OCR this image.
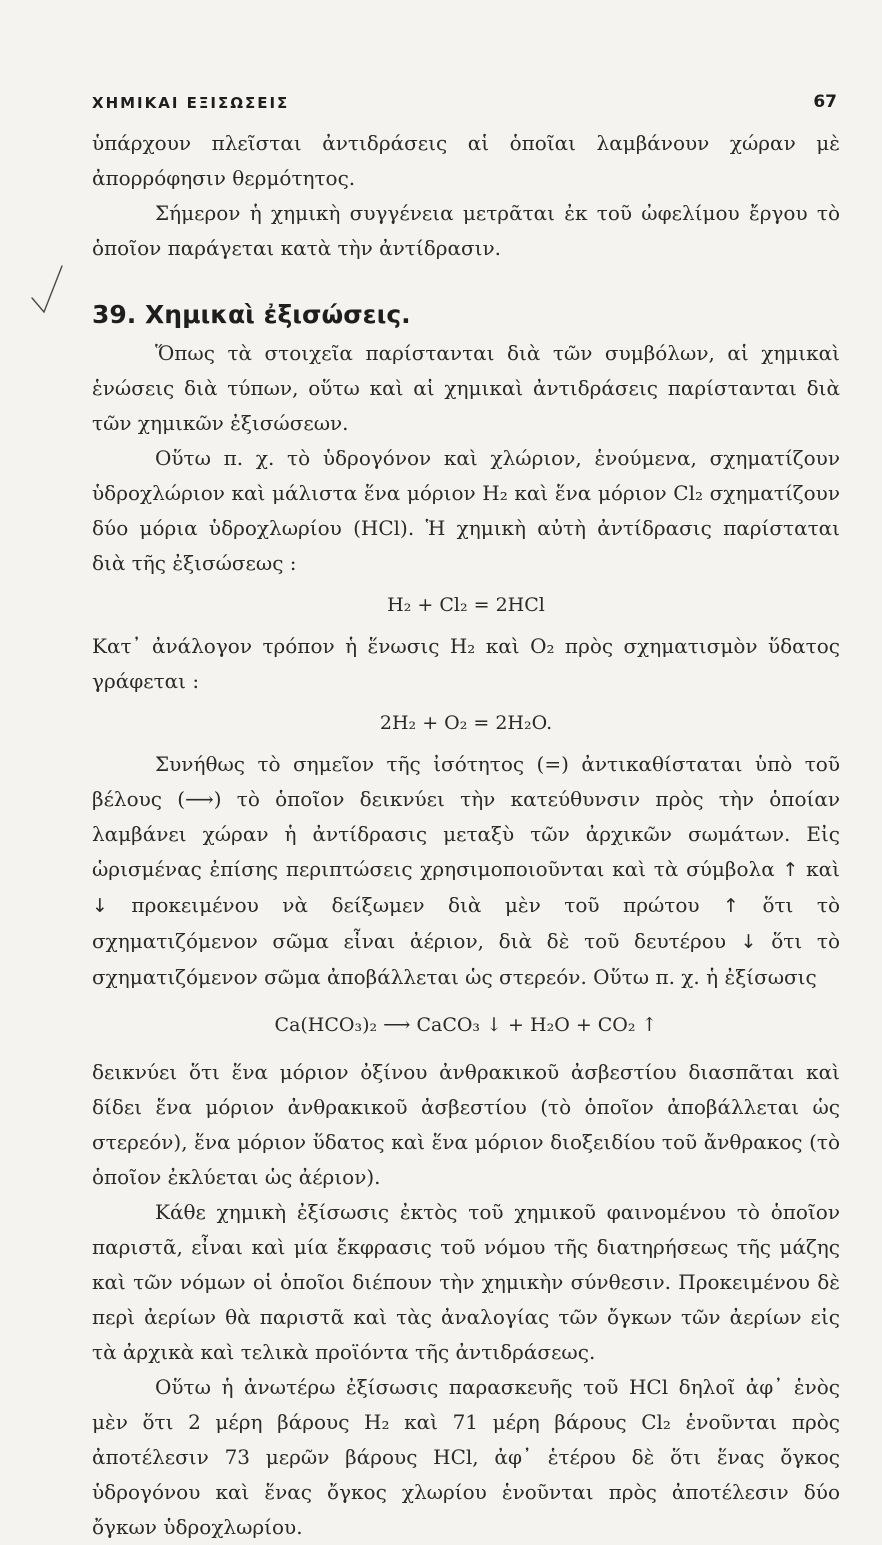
ΧΗΜΙΚΑΙ ΕΞΙΣΩΣΕΙΣ	67

ὑπάρχουν πλεῖσται ἀντιδράσεις αἱ ὁποῖαι λαμβάνουν χώραν μὲ ἀπορρόφησιν θερμότητος.

Σήμερον ἡ χημικὴ συγγένεια μετρᾶται ἐκ τοῦ ὠφελίμου ἔργου τὸ ὁποῖον παράγεται κατὰ τὴν ἀντίδρασιν.

39. Χημικαὶ ἐξισώσεις.

Ὅπως τὰ στοιχεῖα παρίστανται διὰ τῶν συμβόλων, αἱ χημικαὶ ἑνώσεις διὰ τύπων, οὕτω καὶ αἱ χημικαὶ ἀντιδράσεις παρίστανται διὰ τῶν χημικῶν ἐξισώσεων.

Οὕτω π. χ. τὸ ὑδρογόνον καὶ χλώριον, ἑνούμενα, σχηματίζουν ὑδροχλώριον καὶ μάλιστα ἕνα μόριον H₂ καὶ ἕνα μόριον Cl₂ σχηματίζουν δύο μόρια ὑδροχλωρίου (HCl). Ἡ χημικὴ αὐτὴ ἀντίδρασις παρίσταται διὰ τῆς ἐξισώσεως :

H₂ + Cl₂ = 2HCl

Κατ᾽ ἀνάλογον τρόπον ἡ ἕνωσις H₂ καὶ O₂ πρὸς σχηματισμὸν ὕδατος γράφεται :

2H₂ + O₂ = 2H₂O.

Συνήθως τὸ σημεῖον τῆς ἰσότητος (=) ἀντικαθίσταται ὑπὸ τοῦ βέλους (⟶) τὸ ὁποῖον δεικνύει τὴν κατεύθυνσιν πρὸς τὴν ὁποίαν λαμβάνει χώραν ἡ ἀντίδρασις μεταξὺ τῶν ἀρχικῶν σωμάτων. Εἰς ὡρισμένας ἐπίσης περιπτώσεις χρησιμοποιοῦνται καὶ τὰ σύμβολα ↑ καὶ ↓ προκειμένου νὰ δείξωμεν διὰ μὲν τοῦ πρώτου ↑ ὅτι τὸ σχηματιζόμενον σῶμα εἶναι ἀέριον, διὰ δὲ τοῦ δευτέρου ↓ ὅτι τὸ σχηματιζόμενον σῶμα ἀποβάλλεται ὡς στερεόν. Οὕτω π. χ. ἡ ἐξίσωσις

Ca(HCO₃)₂ ⟶ CaCO₃ ↓ + H₂O + CO₂ ↑

δεικνύει ὅτι ἕνα μόριον ὀξίνου ἀνθρακικοῦ ἀσβεστίου διασπᾶται καὶ δίδει ἕνα μόριον ἀνθρακικοῦ ἀσβεστίου (τὸ ὁποῖον ἀποβάλλεται ὡς στερεόν), ἕνα μόριον ὕδατος καὶ ἕνα μόριον διοξειδίου τοῦ ἄνθρακος (τὸ ὁποῖον ἐκλύεται ὡς ἀέριον).

Κάθε χημικὴ ἐξίσωσις ἐκτὸς τοῦ χημικοῦ φαινομένου τὸ ὁποῖον παριστᾶ, εἶναι καὶ μία ἔκφρασις τοῦ νόμου τῆς διατηρήσεως τῆς μάζης καὶ τῶν νόμων οἱ ὁποῖοι διέπουν τὴν χημικὴν σύνθεσιν. Προκειμένου δὲ περὶ ἀερίων θὰ παριστᾶ καὶ τὰς ἀναλογίας τῶν ὄγκων τῶν ἀερίων εἰς τὰ ἀρχικὰ καὶ τελικὰ προϊόντα τῆς ἀντιδράσεως.

Οὕτω ἡ ἀνωτέρω ἐξίσωσις παρασκευῆς τοῦ HCl δηλοῖ ἀφ᾽ ἑνὸς μὲν ὅτι 2 μέρη βάρους H₂ καὶ 71 μέρη βάρους Cl₂ ἑνοῦνται πρὸς ἀποτέλεσιν 73 μερῶν βάρους HCl, ἀφ᾽ ἑτέρου δὲ ὅτι ἕνας ὄγκος ὑδρογόνου καὶ ἕνας ὄγκος χλωρίου ἑνοῦνται πρὸς ἀποτέλεσιν δύο ὄγκων ὑδροχλωρίου.
